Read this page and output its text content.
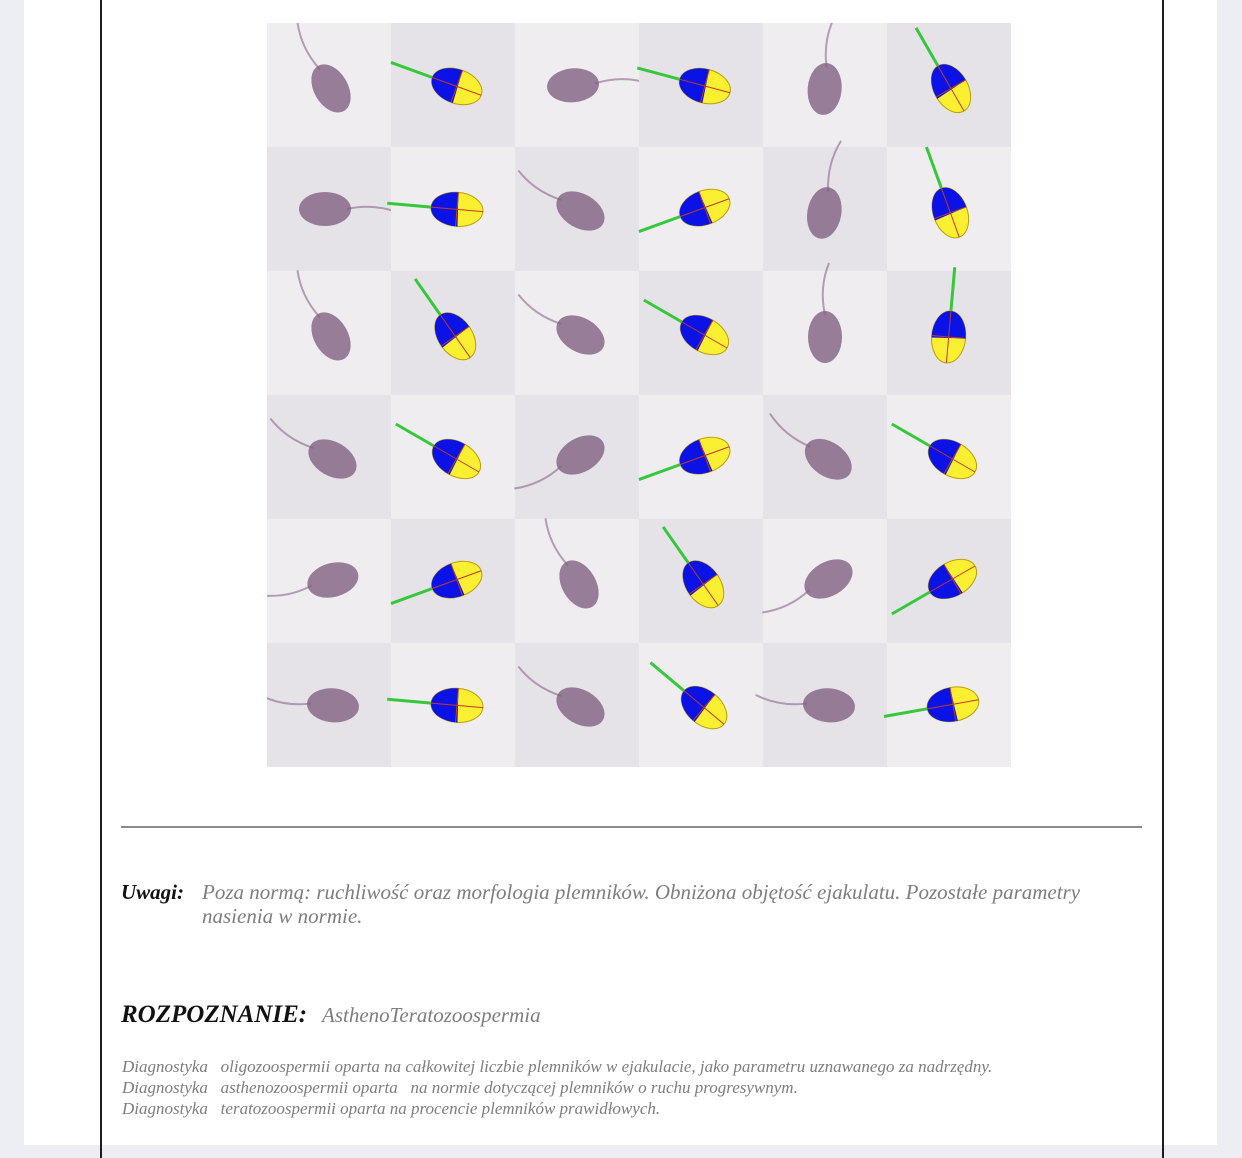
Uwagi: Poza normą: ruchliwość oraz morfologia plemników. Obniżona objętość ejakulatu. Pozostałe parametry nasienia w normie.
ROZPOZNANIE: AsthenoTeratozoospermia
Diagnostyka   oligozoospermii oparta na całkowitej liczbie plemników w ejakulacie, jako parametru uznawanego za nadrzędny.
Diagnostyka   asthenozoospermii oparta   na normie dotyczącej plemników o ruchu progresywnym.
Diagnostyka   teratozoospermii oparta na procencie plemników prawidłowych.
